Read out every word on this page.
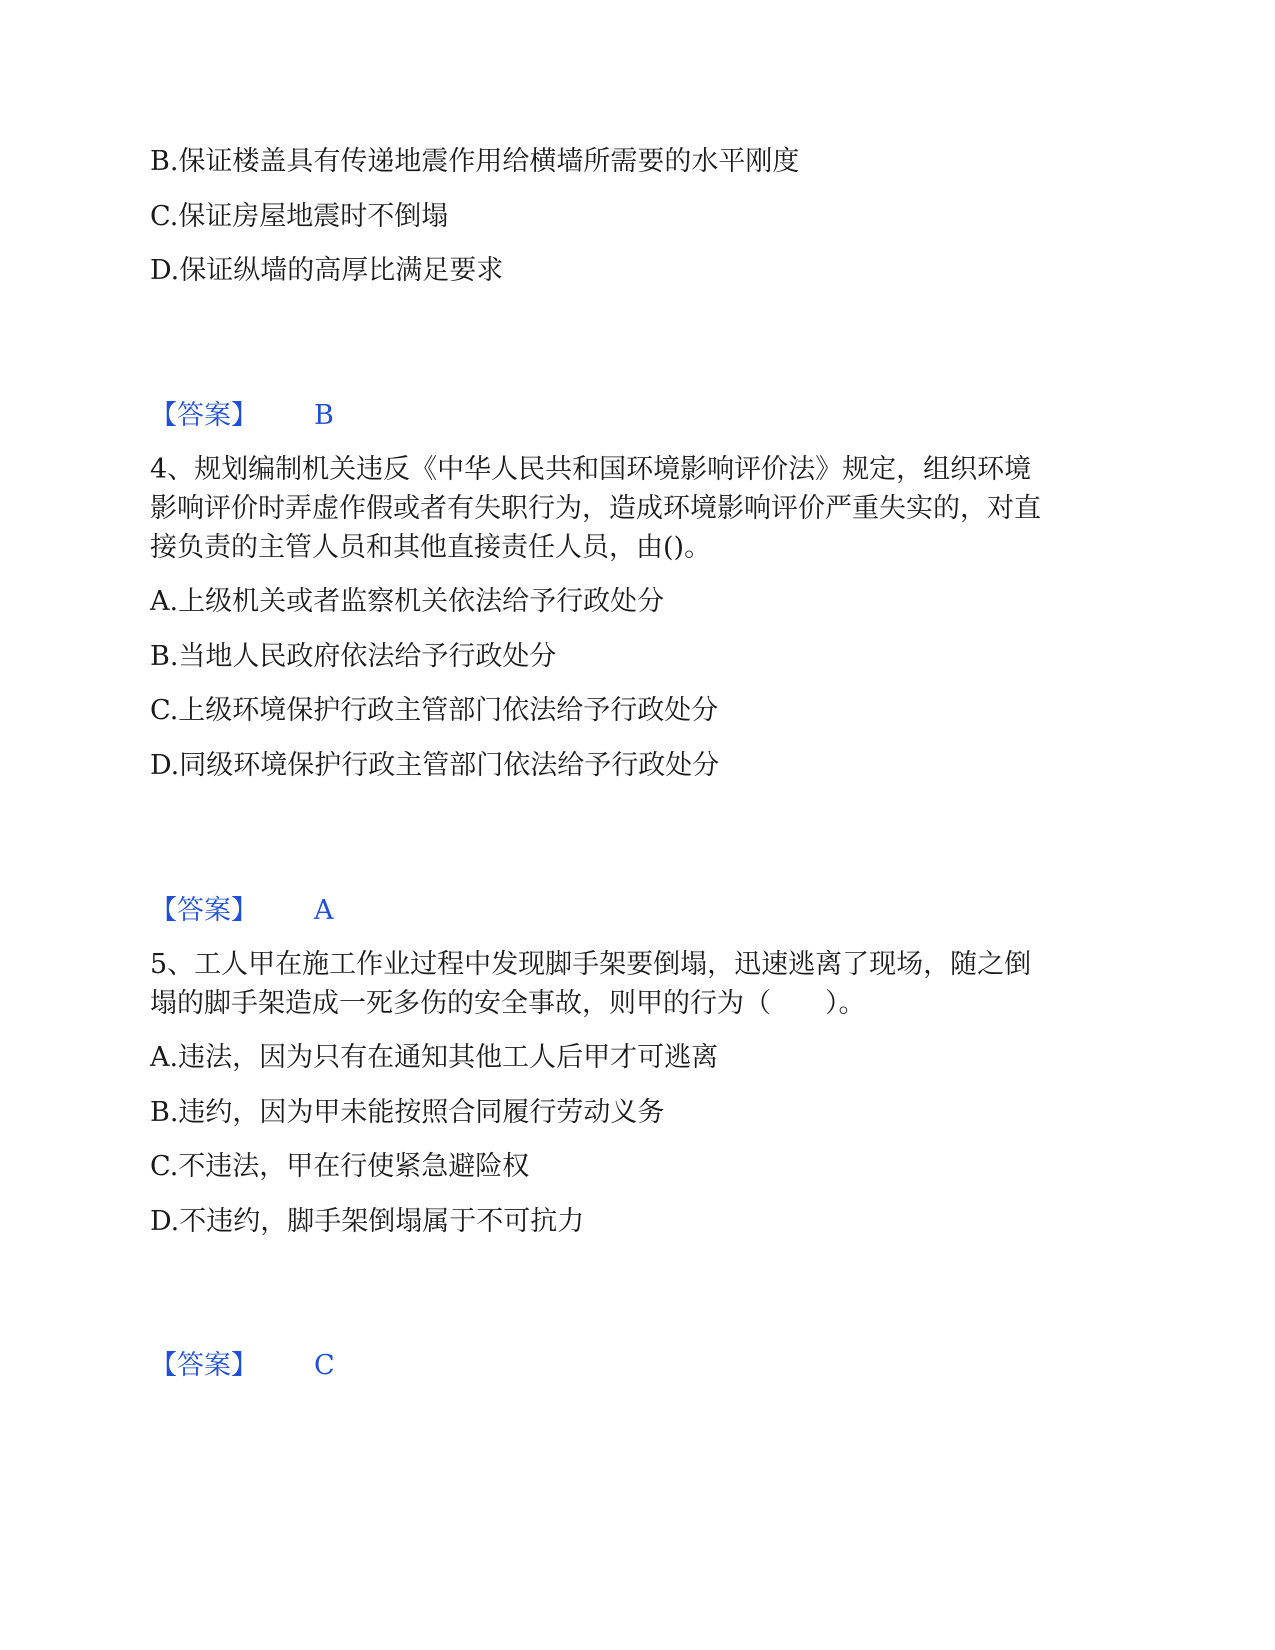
B.保证楼盖具有传递地震作用给横墙所需要的水平刚度
C.保证房屋地震时不倒塌
D.保证纵墙的高厚比满足要求
【答案】 B
4、规划编制机关违反《中华人民共和国环境影响评价法》规定，组织环境
影响评价时弄虚作假或者有失职行为，造成环境影响评价严重失实的，对直
接负责的主管人员和其他直接责任人员，由()。
A.上级机关或者监察机关依法给予行政处分
B.当地人民政府依法给予行政处分
C.上级环境保护行政主管部门依法给予行政处分
D.同级环境保护行政主管部门依法给予行政处分
【答案】 A
5、工人甲在施工作业过程中发现脚手架要倒塌，迅速逃离了现场，随之倒
塌的脚手架造成一死多伤的安全事故，则甲的行为（　　）。
A.违法，因为只有在通知其他工人后甲才可逃离
B.违约，因为甲未能按照合同履行劳动义务
C.不违法，甲在行使紧急避险权
D.不违约，脚手架倒塌属于不可抗力
【答案】 C
